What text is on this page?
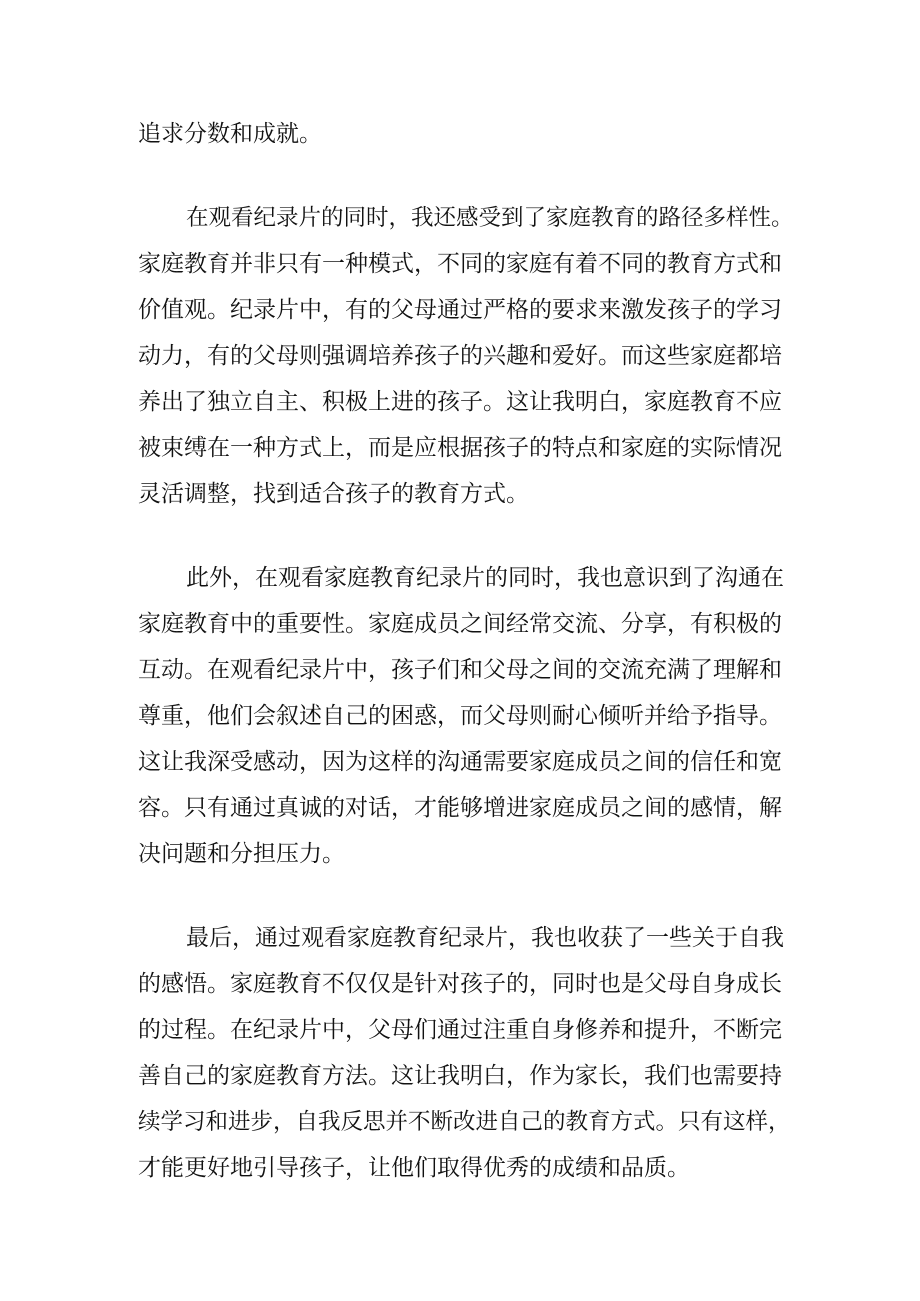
追求分数和成就。
在观看纪录片的同时，我还感受到了家庭教育的路径多样性。
家庭教育并非只有一种模式，不同的家庭有着不同的教育方式和
价值观。纪录片中，有的父母通过严格的要求来激发孩子的学习
动力，有的父母则强调培养孩子的兴趣和爱好。而这些家庭都培
养出了独立自主、积极上进的孩子。这让我明白，家庭教育不应
被束缚在一种方式上，而是应根据孩子的特点和家庭的实际情况
灵活调整，找到适合孩子的教育方式。
此外，在观看家庭教育纪录片的同时，我也意识到了沟通在
家庭教育中的重要性。家庭成员之间经常交流、分享，有积极的
互动。在观看纪录片中，孩子们和父母之间的交流充满了理解和
尊重，他们会叙述自己的困惑，而父母则耐心倾听并给予指导。
这让我深受感动，因为这样的沟通需要家庭成员之间的信任和宽
容。只有通过真诚的对话，才能够增进家庭成员之间的感情，解
决问题和分担压力。
最后，通过观看家庭教育纪录片，我也收获了一些关于自我
的感悟。家庭教育不仅仅是针对孩子的，同时也是父母自身成长
的过程。在纪录片中，父母们通过注重自身修养和提升，不断完
善自己的家庭教育方法。这让我明白，作为家长，我们也需要持
续学习和进步，自我反思并不断改进自己的教育方式。只有这样，
才能更好地引导孩子，让他们取得优秀的成绩和品质。
